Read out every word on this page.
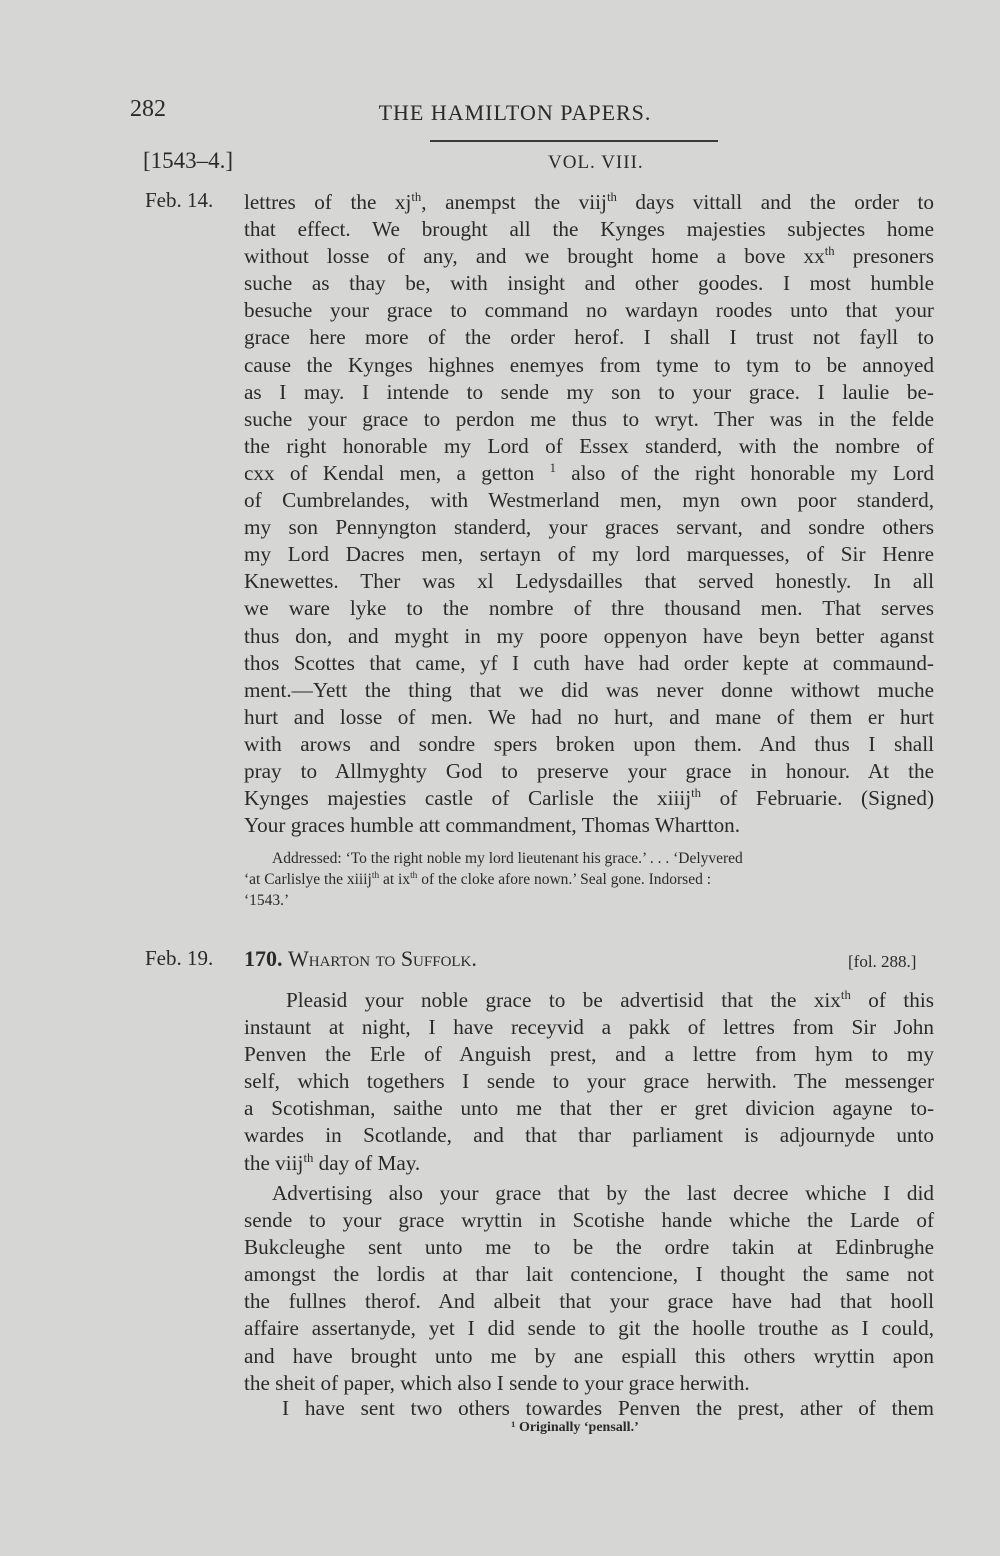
282	THE HAMILTON PAPERS.
[1543–4.]	VOL. VIII.
Feb. 14. lettres of the $xj^{th}$, anempst the viij$^{th}$ days vittall and the order to
that effect. We brought all the Kynges majesties subjectes home
without losse of any, and we brought home a bove $xx^{th}$ presoners
suche as thay be, with insight and other goodes. I most humble
besuche your grace to command no wardayn roodes unto that your
grace here more of the order herof. I shall I trust not fayll to
cause the Kynges highnes enemyes from tyme to tym to be annoyed
as I may. I intende to sende my son to your grace. I laulie be-
suche your grace to perdon me thus to wryt. Ther was in the felde
the right honorable my Lord of Essex standerd, with the nombre of
cxx of Kendal men, a getton $^1$ also of the right honorable my Lord
of Cumbrelandes, with Westmerland men, myn own poor standerd,
my son Pennyngton standerd, your graces servant, and sondre others
my Lord Dacres men, sertayn of my lord marquesses, of Sir Henre
Knewettes. Ther was xl Ledysdailles that served honestly. In all
we ware lyke to the nombre of thre thousand men. That serves
thus don, and myght in my poore oppenyon have beyn better aganst
thos Scottes that came, yf I cuth have had order kepte at commaund-
ment.—Yett the thing that we did was never donne withowt muche
hurt and losse of men. We had no hurt, and mane of them er hurt
with arows and sondre spers broken upon them. And thus I shall
pray to Allmyghty God to preserve your grace in honour. At the
Kynges majesties castle of Carlisle the xiiij$^{th}$ of Februarie. (Signed)
Your graces humble att commandment, Thomas Whartton.
Addressed: ‘To the right noble my lord lieutenant his grace.’ . . . ‘Delyvered
‘at Carlislye the xiiij$^{th}$ at $ix^{th}$ of the cloke afore nown.’ Seal gone. Indorsed :
‘1543.’
Feb. 19. 170. Wharton to Suffolk.	[fol. 288.]
Pleasid your noble grace to be advertisid that the xix$^{th}$ of this
instaunt at night, I have receyvid a pakk of lettres from Sir John
Penven the Erle of Anguish prest, and a lettre from hym to my
self, which togethers I sende to your grace herwith. The messenger
a Scotishman, saithe unto me that ther er gret divicion agayne to-
wardes in Scotlande, and that thar parliament is adjournyde unto
the viij$^{th}$ day of May.
Advertising also your grace that by the last decree whiche I did
sende to your grace wryttin in Scotishe hande whiche the Larde of
Bukcleughe sent unto me to be the ordre takin at Edinbrughe
amongst the lordis at thar lait contencione, I thought the same not
the fullnes therof. And albeit that your grace have had that hooll
affaire assertanyde, yet I did sende to git the hoolle trouthe as I could,
and have brought unto me by ane espiall this others wryttin apon
the sheit of paper, which also I sende to your grace herwith.
I have sent two others towardes Penven the prest, ather of them
¹ Originally ‘pensall.’
